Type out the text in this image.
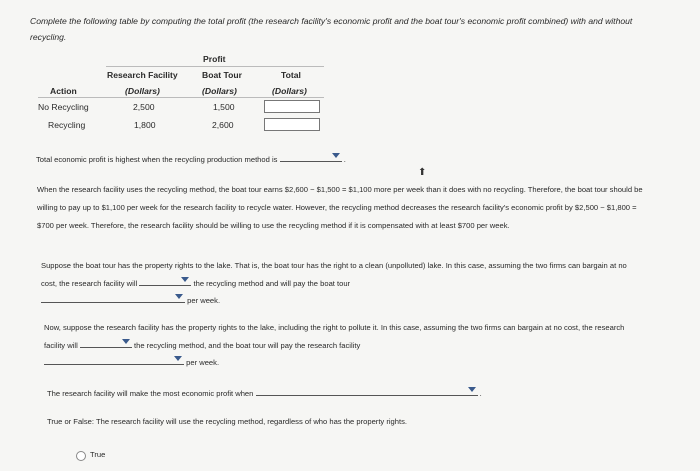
Complete the following table by computing the total profit (the research facility's economic profit and the boat tour's economic profit combined) with and without recycling.
Profit
Research Facility
(Dollars)
Boat Tour
(Dollars)
Total
(Dollars)
Action
No Recycling	2,500	1,500
Recycling	1,800	2,600
Total economic profit is highest when the recycling production method is	.
⬆
When the research facility uses the recycling method, the boat tour earns $2,600 − $1,500 = $1,100 more per week than it does with no recycling. Therefore, the boat tour should be willing to pay up to $1,100 per week for the research facility to recycle water. However, the recycling method decreases the research facility's economic profit by $2,500 − $1,800 = $700 per week. Therefore, the research facility should be willing to use the recycling method if it is compensated with at least $700 per week.
Suppose the boat tour has the property rights to the lake. That is, the boat tour has the right to a clean (unpolluted) lake. In this case, assuming the two firms can bargain at no cost, the research facility will	the recycling method and will pay the boat tour

per week.
Now, suppose the research facility has the property rights to the lake, including the right to pollute it. In this case, assuming the two firms can bargain at no cost, the research facility will	the recycling method, and the boat tour will pay the research facility

per week.
The research facility will make the most economic profit when	.
True or False: The research facility will use the recycling method, regardless of who has the property rights.
True
